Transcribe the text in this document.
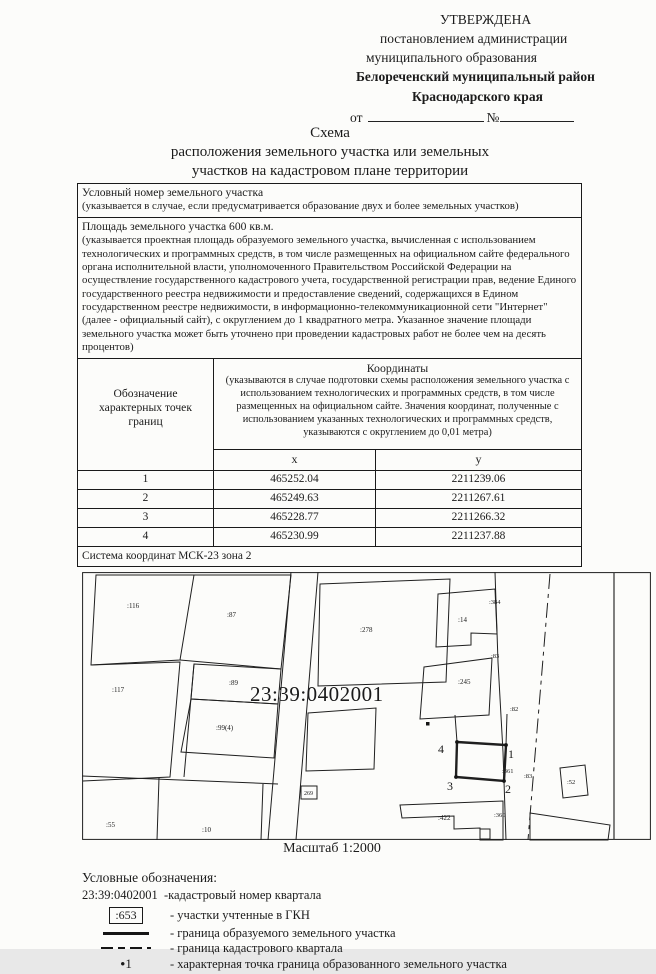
УТВЕРЖДЕНА
постановлением администрации
муниципального образования
Белореченский муниципальный район
Краснодарского края
от	№
Схема
расположения земельного участка или земельных
участков на кадастровом плане территории
Условный номер земельного участка
(указывается в случае, если предусматривается образование двух и более земельных участков)
Площадь земельного участка 600 кв.м.
(указывается проектная площадь образуемого земельного участка, вычисленная с использованием технологических и программных средств, в том числе размещенных на официальном сайте федерального органа исполнительной власти, уполномоченного Правительством Российской Федерации на осуществление государственного кадастрового учета, государственной регистрации прав, ведение Единого государственного реестра недвижимости и предоставление сведений, содержащихся в Едином государственном реестре недвижимости, в информационно-телекоммуникационной сети "Интернет" (далее - официальный сайт), с округлением до 1 квадратного метра. Указанное значение площади земельного участка может быть уточнено при проведении кадастровых работ не более чем на десять процентов)
Обозначение характерных точек границ
Координаты
(указываются в случае подготовки схемы расположения земельного участка с использованием технологических и программных средств, в том числе размещенных на официальном сайте. Значения координат, полученные с использованием указанных технологических и программных средств, указываются с округлением до 0,01 метра)
х	у
1	465252.04	2211239.06
2	465249.63	2211267.61
3	465228.77	2211266.32
4	465230.99	2211237.88
Система координат МСК-23 зона 2
:116
:87
:117
:89
:99(4)
:278
:14
:245
:384
:83
:82
:361
:83
:52
:360
:422
269
:55
:10
4	1
3	2
23:39:0402001
Масштаб 1:2000
Условные обозначения:
23:39:0402001 -кадастровый номер квартала
:653	- участки учтенные в ГКН
- граница образуемого земельного участка
- граница кадастрового квартала
•1	- характерная точка граница образованного земельного участка
